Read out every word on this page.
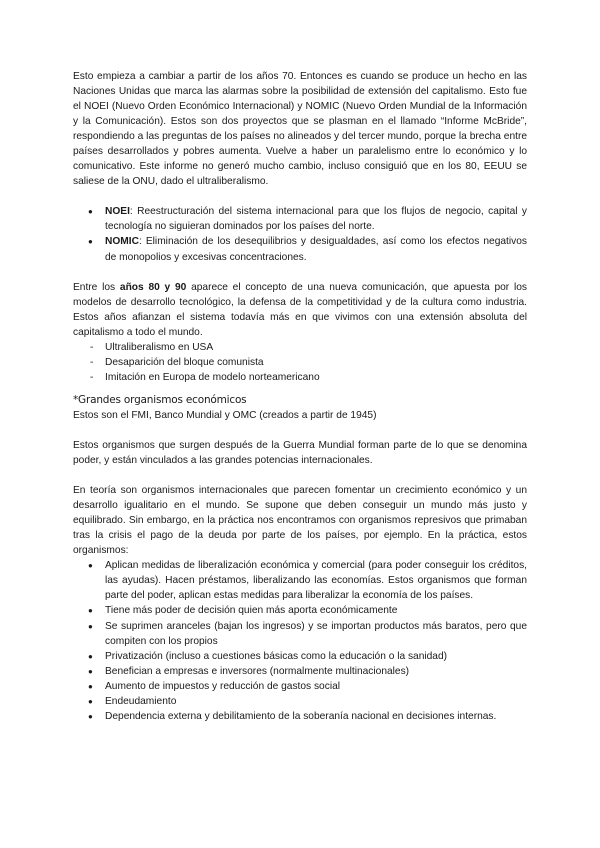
Esto empieza a cambiar a partir de los años 70. Entonces es cuando se produce un hecho en las Naciones Unidas que marca las alarmas sobre la posibilidad de extensión del capitalismo. Esto fue el NOEI (Nuevo Orden Económico Internacional) y NOMIC (Nuevo Orden Mundial de la Información y la Comunicación). Estos son dos proyectos que se plasman en el llamado “Informe McBride”, respondiendo a las preguntas de los países no alineados y del tercer mundo, porque la brecha entre países desarrollados y pobres aumenta. Vuelve a haber un paralelismo entre lo económico y lo comunicativo. Este informe no generó mucho cambio, incluso consiguió que en los 80, EEUU se saliese de la ONU, dado el ultraliberalismo.

● NOEI: Reestructuración del sistema internacional para que los flujos de negocio, capital y tecnología no siguieran dominados por los países del norte.
● NOMIC: Eliminación de los desequilibrios y desigualdades, así como los efectos negativos de monopolios y excesivas concentraciones.

Entre los años 80 y 90 aparece el concepto de una nueva comunicación, que apuesta por los modelos de desarrollo tecnológico, la defensa de la competitividad y de la cultura como industria. Estos años afianzan el sistema todavía más en que vivimos con una extensión absoluta del capitalismo a todo el mundo.

- Ultraliberalismo en USA
- Desaparición del bloque comunista
- Imitación en Europa de modelo norteamericano

*Grandes organismos económicos

Estos son el FMI, Banco Mundial y OMC (creados a partir de 1945)

Estos organismos que surgen después de la Guerra Mundial forman parte de lo que se denomina poder, y están vinculados a las grandes potencias internacionales.

En teoría son organismos internacionales que parecen fomentar un crecimiento económico y un desarrollo igualitario en el mundo. Se supone que deben conseguir un mundo más justo y equilibrado. Sin embargo, en la práctica nos encontramos con organismos represivos que primaban tras la crisis el pago de la deuda por parte de los países, por ejemplo. En la práctica, estos organismos:

● Aplican medidas de liberalización económica y comercial (para poder conseguir los créditos, las ayudas). Hacen préstamos, liberalizando las economías. Estos organismos que forman parte del poder, aplican estas medidas para liberalizar la economía de los países.
● Tiene más poder de decisión quien más aporta económicamente
● Se suprimen aranceles (bajan los ingresos) y se importan productos más baratos, pero que compiten con los propios
● Privatización (incluso a cuestiones básicas como la educación o la sanidad)
● Benefician a empresas e inversores (normalmente multinacionales)
● Aumento de impuestos y reducción de gastos social
● Endeudamiento
● Dependencia externa y debilitamiento de la soberanía nacional en decisiones internas.
